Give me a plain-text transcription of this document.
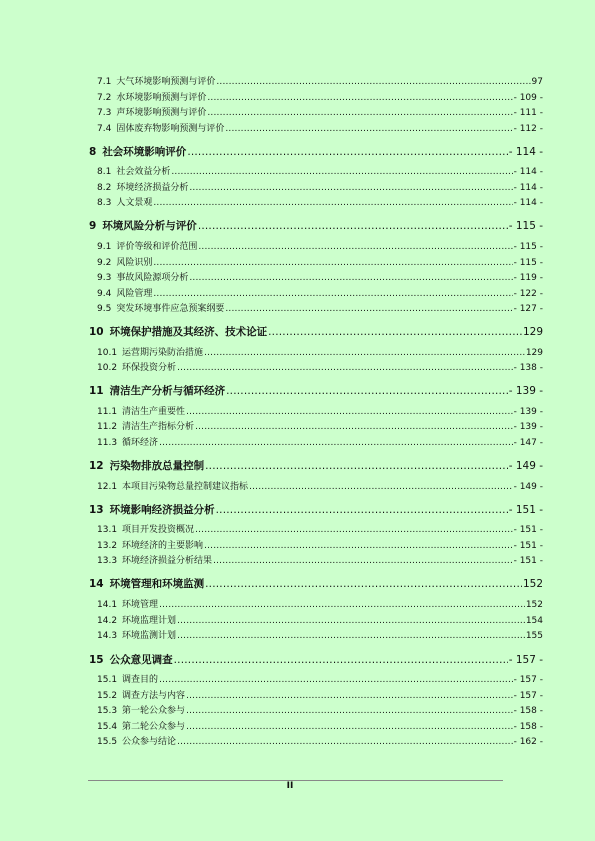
7.1 大气环境影响预测与评价 .....	97
7.2 水环境影响预测与评价 .....	- 109 -
7.3 声环境影响预测与评价 .....	- 111 -
7.4 固体废弃物影响预测与评价 .....	- 112 -
8 社会环境影响评价 .....	- 114 -
8.1 社会效益分析 .....	- 114 -
8.2 环境经济损益分析 .....	- 114 -
8.3 人文景观 .....	- 114 -
9 环境风险分析与评价 .....	- 115 -
9.1 评价等级和评价范围 .....	- 115 -
9.2 风险识别 .....	- 115 -
9.3 事故风险源项分析 .....	- 119 -
9.4 风险管理 .....	- 122 -
9.5 突发环境事件应急预案纲要 .....	- 127 -
10 环境保护措施及其经济、技术论证 .....	129
10.1 运营期污染防治措施 .....	129
10.2 环保投资分析 .....	- 138 -
11 清洁生产分析与循环经济 .....	- 139 -
11.1 清洁生产重要性 .....	- 139 -
11.2 清洁生产指标分析 .....	- 139 -
11.3 循环经济 .....	- 147 -
12 污染物排放总量控制 .....	- 149 -
12.1 本项目污染物总量控制建议指标 .....	- 149 -
13 环境影响经济损益分析 .....	- 151 -
13.1 项目开发投资概况 .....	- 151 -
13.2 环境经济的主要影响 .....	- 151 -
13.3 环境经济损益分析结果 .....	- 151 -
14 环境管理和环境监测 .....	152
14.1 环境管理 .....	152
14.2 环境监理计划 .....	154
14.3 环境监测计划 .....	155
15 公众意见调查 .....	- 157 -
15.1 调查目的 .....	- 157 -
15.2 调查方法与内容 .....	- 157 -
15.3 第一轮公众参与 .....	- 158 -
15.4 第二轮公众参与 .....	- 158 -
15.5 公众参与结论 .....	- 162 -
II
